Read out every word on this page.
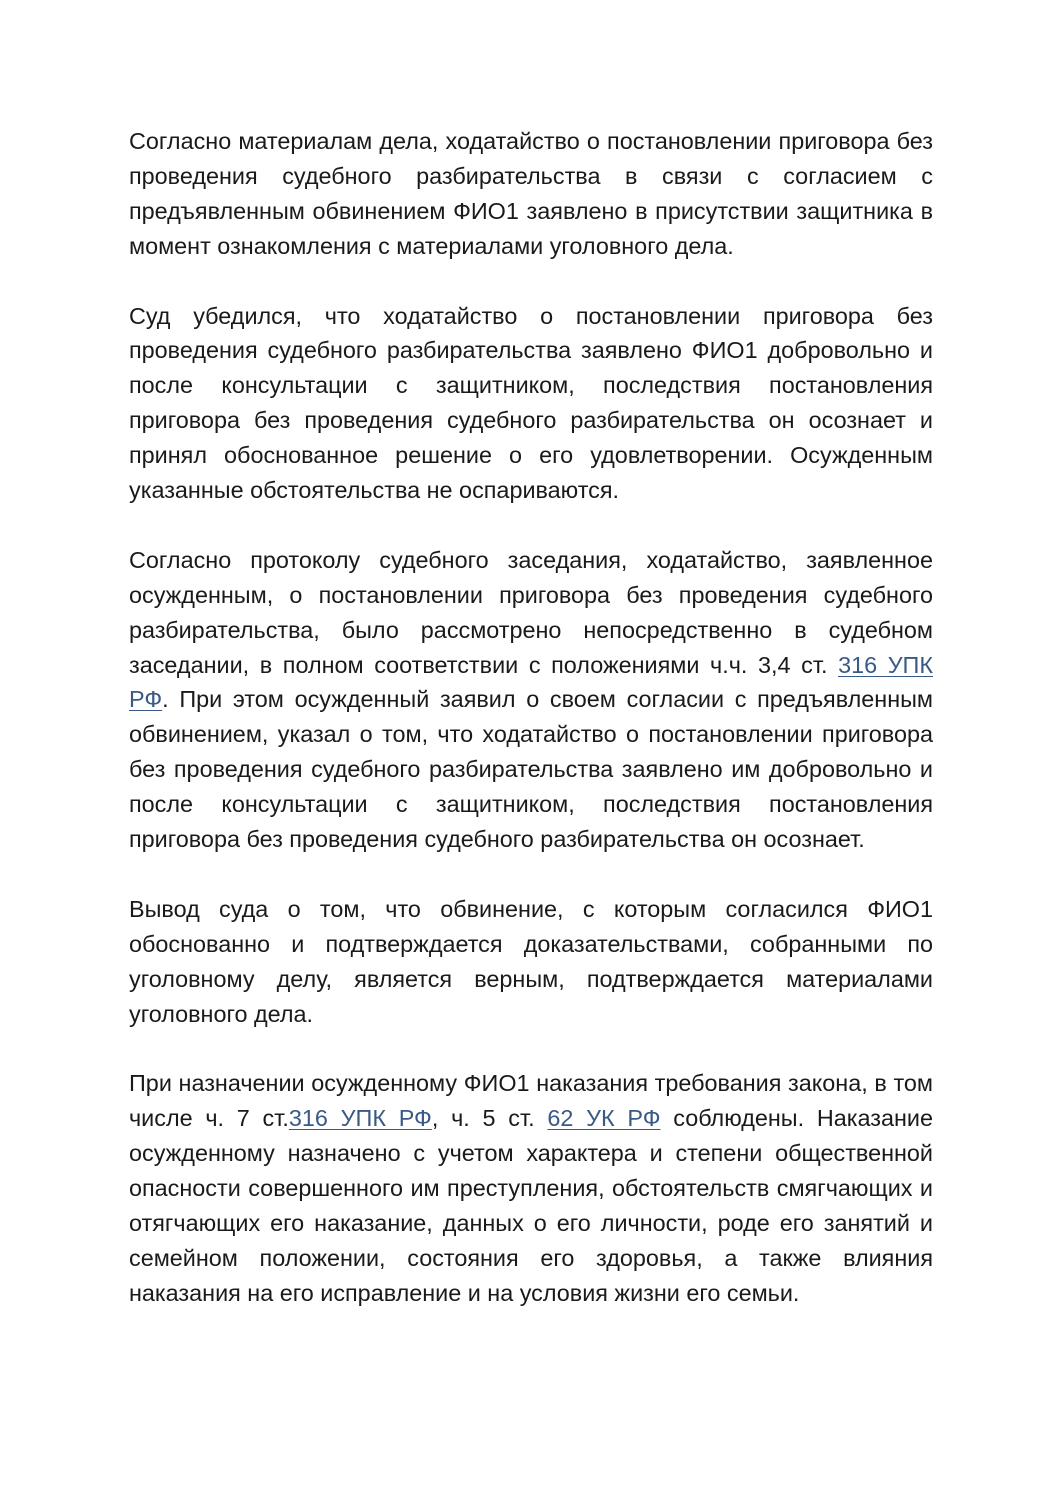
Согласно материалам дела, ходатайство о постановлении приговора без проведения судебного разбирательства в связи с согласием с предъявленным обвинением ФИО1 заявлено в присутствии защитника в момент ознакомления с материалами уголовного дела.

Суд убедился, что ходатайство о постановлении приговора без проведения судебного разбирательства заявлено ФИО1 добровольно и после консультации с защитником, последствия постановления приговора без проведения судебного разбирательства он осознает и принял обоснованное решение о его удовлетворении. Осужденным указанные обстоятельства не оспариваются.

Согласно протоколу судебного заседания, ходатайство, заявленное осужденным, о постановлении приговора без проведения судебного разбирательства, было рассмотрено непосредственно в судебном заседании, в полном соответствии с положениями ч.ч. 3,4 ст. 316 УПК РФ. При этом осужденный заявил о своем согласии с предъявленным обвинением, указал о том, что ходатайство о постановлении приговора без проведения судебного разбирательства заявлено им добровольно и после консультации с защитником, последствия постановления приговора без проведения судебного разбирательства он осознает.

Вывод суда о том, что обвинение, с которым согласился ФИО1 обоснованно и подтверждается доказательствами, собранными по уголовному делу, является верным, подтверждается материалами уголовного дела.

При назначении осужденному ФИО1 наказания требования закона, в том числе ч. 7 ст.316 УПК РФ, ч. 5 ст. 62 УК РФ соблюдены. Наказание осужденному назначено с учетом характера и степени общественной опасности совершенного им преступления, обстоятельств смягчающих и отягчающих его наказание, данных о его личности, роде его занятий и семейном положении, состояния его здоровья, а также влияния наказания на его исправление и на условия жизни его семьи.
